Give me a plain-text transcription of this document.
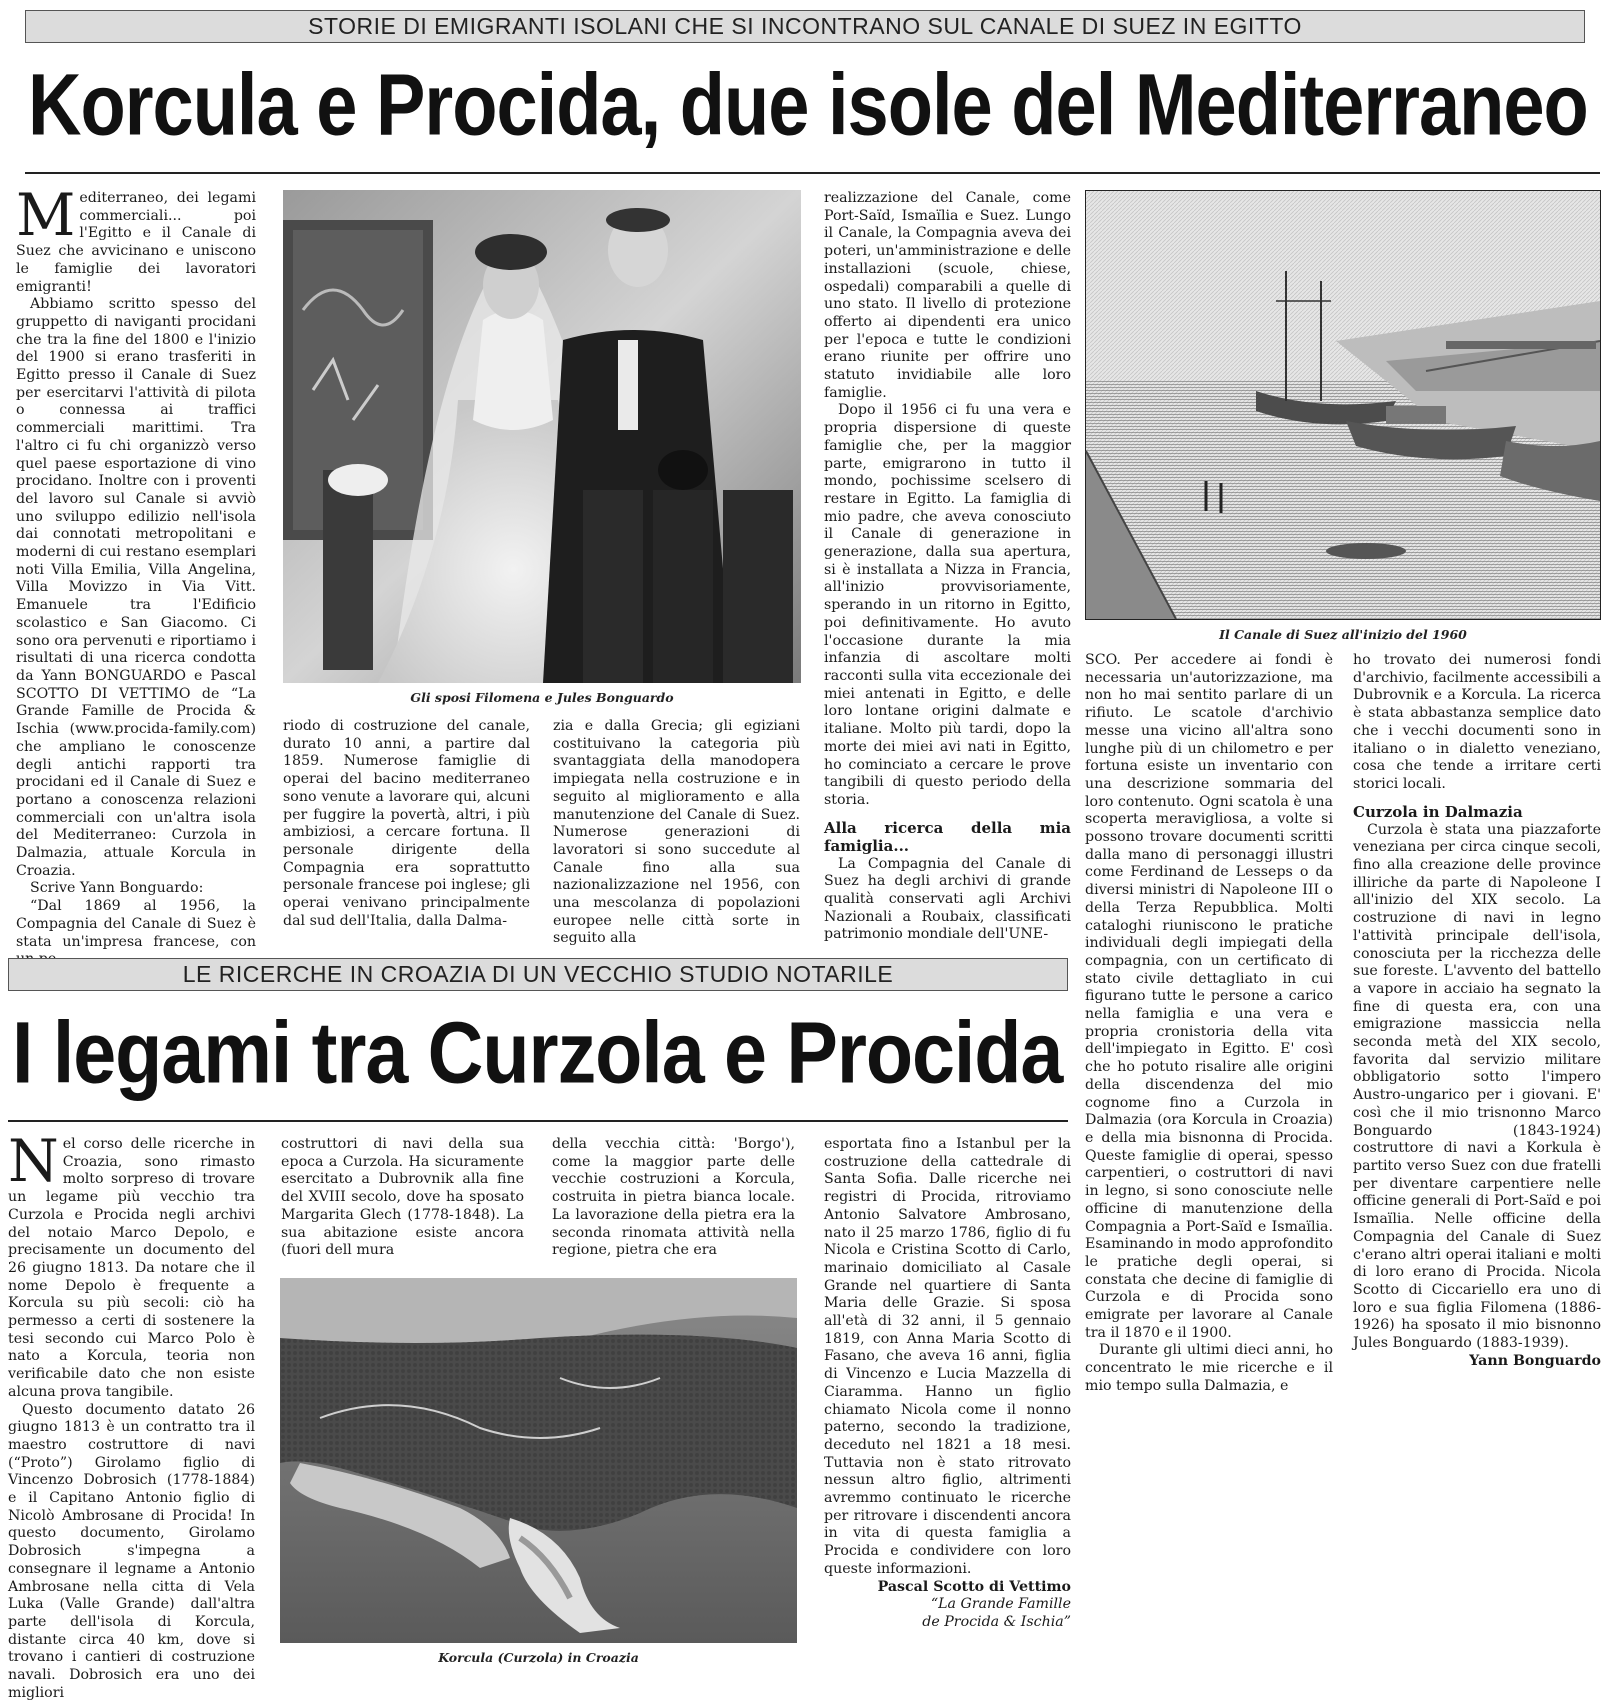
STORIE DI EMIGRANTI ISOLANI CHE SI INCONTRANO SUL CANALE DI SUEZ IN EGITTO
Korcula e Procida, due isole del Mediterraneo

Mediterraneo, dei legami commerciali... poi l'Egitto e il Canale di Suez che avvicinano e uniscono le famiglie dei lavoratori emigranti!

Abbiamo scritto spesso del gruppetto di naviganti procidani che tra la fine del 1800 e l'inizio del 1900 si erano trasferiti in Egitto presso il Canale di Suez per esercitarvi l'attività di pilota o connessa ai traffici commerciali marittimi. Tra l'altro ci fu chi organizzò verso quel paese esportazione di vino procidano. Inoltre con i proventi del lavoro sul Canale si avviò uno sviluppo edilizio nell'isola dai connotati metropolitani e moderni di cui restano esemplari noti Villa Emilia, Villa Angelina, Villa Movizzo in Via Vitt. Emanuele tra l'Edificio scolastico e San Giacomo. Ci sono ora pervenuti e riportiamo i risultati di una ricerca condotta da Yann BONGUARDO e Pascal SCOTTO DI VETTIMO de “La Grande Famille de Procida & Ischia (www.procida-family.com) che ampliano le conoscenze degli antichi rapporti tra procidani ed il Canale di Suez e portano a conoscenza relazioni commerciali con un'altra isola del Mediterraneo: Curzola in Dalmazia, attuale Korcula in Croazia.

Scrive Yann Bonguardo:

“Dal 1869 al 1956, la Compagnia del Canale di Suez è stata un'impresa francese, con

Gli sposi Filomena e Jules Bonguardo

riodo di costruzione del canale, durato 10 anni, a partire dal 1859. Numerose famiglie di operai del bacino mediterraneo sono venute a lavorare qui, alcuni per fuggire la povertà, altri, i più ambiziosi, a cercare fortuna. Il personale dirigente della Compagnia era soprattutto personale francese poi inglese; gli operai venivano principalmente dal sud dell'Italia, dalla Dalma-

zia e dalla Grecia; gli egiziani costituivano la categoria più svantaggiata della manodopera impiegata nella costruzione e in seguito al miglioramento e alla manutenzione del Canale di Suez. Numerose generazioni di lavoratori si sono succedute al Canale fino alla sua nazionalizzazione nel 1956, con una mescolanza di popolazioni europee nelle città sorte in seguito alla

realizzazione del Canale, come Port-Saïd, Ismaïlia e Suez. Lungo il Canale, la Compagnia aveva dei poteri, un'amministrazione e delle installazioni (scuole, chiese, ospedali) comparabili a quelle di uno stato. Il livello di protezione offerto ai dipendenti era unico per l'epoca e tutte le condizioni erano riunite per offrire uno statuto invidiabile alle loro famiglie.

Dopo il 1956 ci fu una vera e propria dispersione di queste famiglie che, per la maggior parte, emigrarono in tutto il mondo, pochissime scelsero di restare in Egitto. La famiglia di mio padre, che aveva conosciuto il Canale di generazione in generazione, dalla sua apertura, si è installata a Nizza in Francia, all'inizio provvisoriamente, sperando in un ritorno in Egitto, poi definitivamente. Ho avuto l'occasione durante la mia infanzia di ascoltare molti racconti sulla vita eccezionale dei miei antenati in Egitto, e delle loro lontane origini dalmate e italiane. Molto più tardi, dopo la morte dei miei avi nati in Egitto, ho cominciato a cercare le prove tangibili di questo periodo della storia.

Alla ricerca della mia famiglia...

La Compagnia del Canale di Suez ha degli archivi di grande qualità conservati agli Archivi Nazionali a Roubaix, classificati patrimonio mondiale dell'UNE-

Il Canale di Suez all'inizio del 1960

SCO. Per accedere ai fondi è necessaria un'autorizzazione, ma non ho mai sentito parlare di un rifiuto. Le scatole d'archivio messe una vicino all'altra sono lunghe più di un chilometro e per fortuna esiste un inventario con una descrizione sommaria del loro contenuto. Ogni scatola è una scoperta meravigliosa, a volte si possono trovare documenti scritti dalla mano di personaggi illustri come Ferdinand de Lesseps o da diversi ministri di Napoleone III o della Terza Repubblica. Molti cataloghi riuniscono le pratiche individuali degli impiegati della compagnia, con un certificato di stato civile dettagliato in cui figurano tutte le persone a carico nella famiglia e una vera e propria cronistoria della vita dell'impiegato in Egitto. E' così che ho potuto risalire alle origini della discendenza del mio cognome fino a Curzola in Dalmazia (ora Korcula in Croazia) e della mia bisnonna di Procida. Queste famiglie di operai, spesso carpentieri, o costruttori di navi in legno, si sono conosciute nelle officine di manutenzione della Compagnia a Port-Saïd e Ismaïlia. Esaminando in modo approfondito le pratiche degli operai, si constata che decine di famiglie di Curzola e di Procida sono emigrate per lavorare al Canale tra il 1870 e il 1900.

Durante gli ultimi dieci anni, ho concentrato le mie ricerche e il mio tempo sulla Dalmazia, e

ho trovato dei numerosi fondi d'archivio, facilmente accessibili a Dubrovnik e a Korcula. La ricerca è stata abbastanza semplice dato che i vecchi documenti sono in italiano o in dialetto veneziano, cosa che tende a irritare certi storici locali.

Curzola in Dalmazia

Curzola è stata una piazzaforte veneziana per circa cinque secoli, fino alla creazione delle province illiriche da parte di Napoleone I all'inizio del XIX secolo. La costruzione di navi in legno l'attività principale dell'isola, conosciuta per la ricchezza delle sue foreste. L'avvento del battello a vapore in acciaio ha segnato la fine di questa era, con una emigrazione massiccia nella seconda metà del XIX secolo, favorita dal servizio militare obbligatorio sotto l'impero Austro-ungarico per i giovani. E' così che il mio trisnonno Marco Bonguardo (1843-1924) costruttore di navi a Korkula è partito verso Suez con due fratelli per diventare carpentiere nelle officine generali di Port-Saïd e poi Ismaïlia. Nelle officine della Compagnia del Canale di Suez c'erano altri operai italiani e molti di loro erano di Procida. Nicola Scotto di Ciccariello era uno di loro e sua figlia Filomena (1886-1926) ha sposato il mio bisnonno Jules Bonguardo (1883-1939).

Yann Bonguardo

LE RICERCHE IN CROAZIA DI UN VECCHIO STUDIO NOTARILE
I legami tra Curzola e Procida

Nel corso delle ricerche in Croazia, sono rimasto molto sorpreso di trovare un legame più vecchio tra Curzola e Procida negli archivi del notaio Marco Depolo, e precisamente un documento del 26 giugno 1813. Da notare che il nome Depolo è frequente a Korcula su più secoli: ciò ha permesso a certi di sostenere la tesi secondo cui Marco Polo è nato a Korcula, teoria non verificabile dato che non esiste alcuna prova tangibile.

Questo documento datato 26 giugno 1813 è un contratto tra il maestro costruttore di navi (“Proto”) Girolamo figlio di Vincenzo Dobrosich (1778-1884) e il Capitano Antonio figlio di Nicolò Ambrosane di Procida! In questo documento, Girolamo Dobrosich s'impegna a consegnare il legname a Antonio Ambrosane nella citta di Vela Luka (Valle Grande) dall'altra parte dell'isola di Korcula, distante circa 40 km, dove si trovano i cantieri di costruzione navali. Dobrosich era uno dei migliori

costruttori di navi della sua epoca a Curzola. Ha sicuramente esercitato a Dubrovnik alla fine del XVIII secolo, dove ha sposato Margarita Glech (1778-1848). La sua abitazione esiste ancora (fuori dell mura

della vecchia città: 'Borgo'), come la maggior parte delle vecchie costruzioni a Korcula, costruita in pietra bianca locale. La lavorazione della pietra era la seconda rinomata attività nella regione, pietra che era

Korcula (Curzola) in Croazia

esportata fino a Istanbul per la costruzione della cattedrale di Santa Sofia. Dalle ricerche nei registri di Procida, ritroviamo Antonio Salvatore Ambrosano, nato il 25 marzo 1786, figlio di fu Nicola e Cristina Scotto di Carlo, marinaio domiciliato al Casale Grande nel quartiere di Santa Maria delle Grazie. Si sposa all'età di 32 anni, il 5 gennaio 1819, con Anna Maria Scotto di Fasano, che aveva 16 anni, figlia di Vincenzo e Lucia Mazzella di Ciaramma. Hanno un figlio chiamato Nicola come il nonno paterno, secondo la tradizione, deceduto nel 1821 a 18 mesi. Tuttavia non è stato ritrovato nessun altro figlio, altrimenti avremmo continuato le ricerche per ritrovare i discendenti ancora in vita di questa famiglia a Procida e condividere con loro queste informazioni.

Pascal Scotto di Vettimo

“La Grande Famille

de Procida & Ischia”
